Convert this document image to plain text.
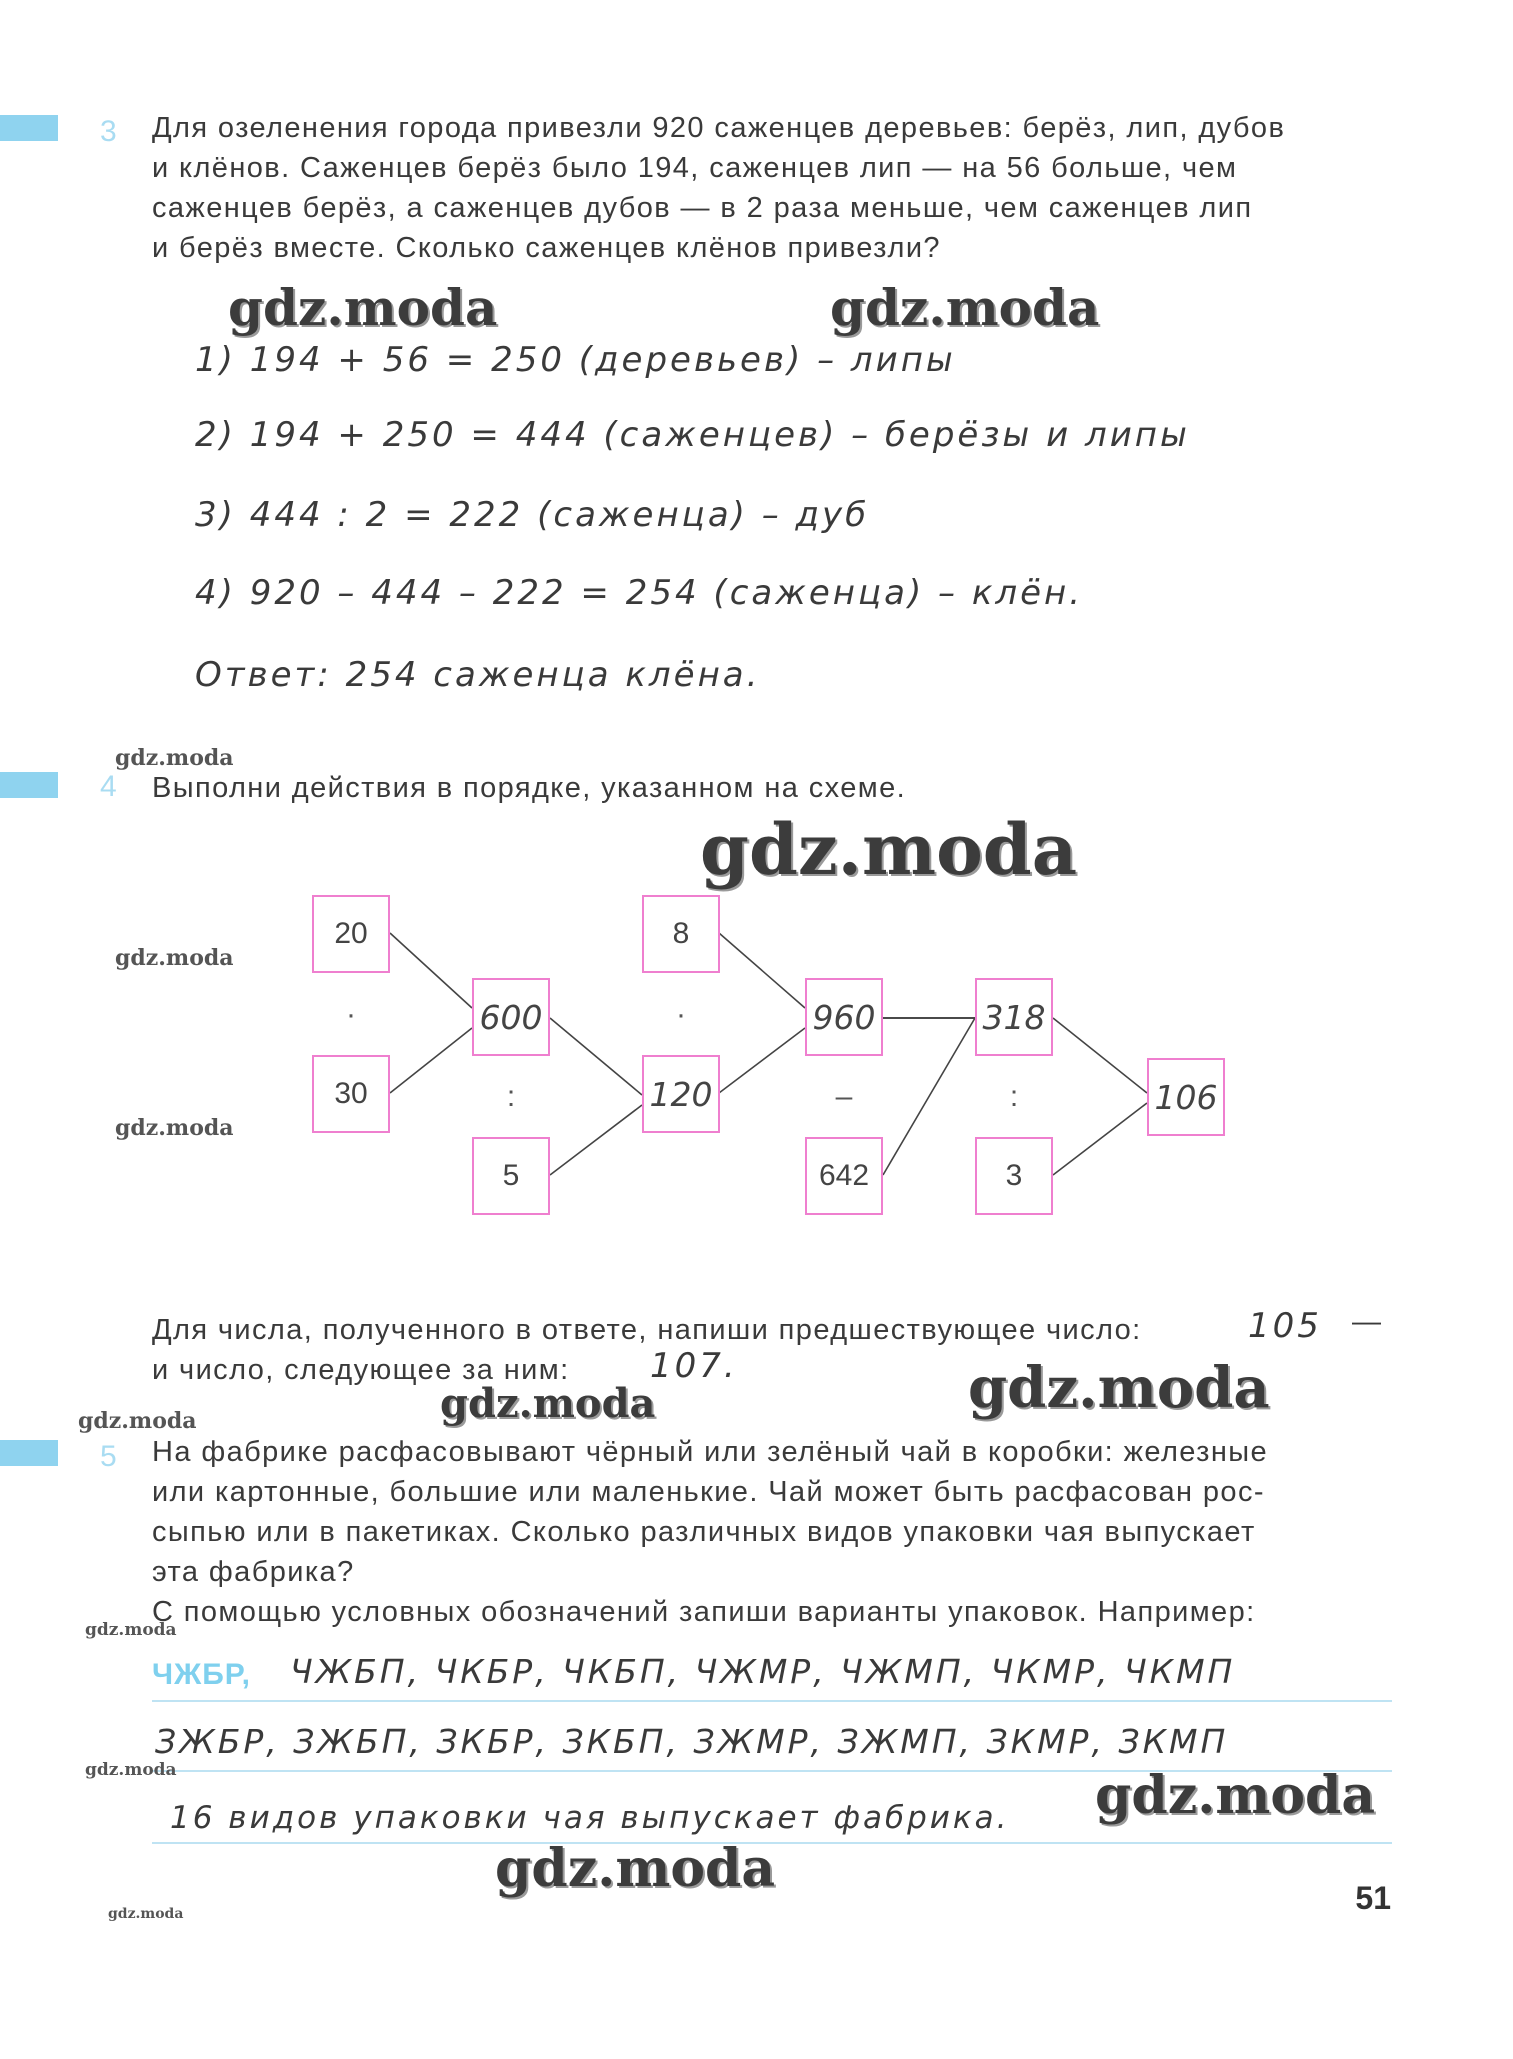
3 Для озеленения города привезли 920 саженцев деревьев: берёз, лип, дубов
и клёнов. Саженцев берёз было 194, саженцев лип — на 56 больше, чем
саженцев берёз, а саженцев дубов — в 2 раза меньше, чем саженцев лип
и берёз вместе. Сколько саженцев клёнов привезли?
gdz.moda	gdz.moda
1) 194 + 56 = 250 (деревьев) – липы
2) 194 + 250 = 444 (саженцев) – берёзы и липы
3) 444 : 2 = 222 (саженца) – дуб
4) 920 – 444 – 222 = 254 (саженца) – клён.
Ответ: 254 саженца клёна.
gdz.moda
4 Выполни действия в порядке, указанном на схеме.
gdz.moda
gdz.moda
gdz.moda
20
·
30
600
:
5
8
·
120
960
–
642
318
:
3
106
Для числа, полученного в ответе, напиши предшествующее число:	105 —
и число, следующее за ним:	107.
gdz.moda	gdz.moda
gdz.moda
5 На фабрике расфасовывают чёрный или зелёный чай в коробки: железные
или картонные, большие или маленькие. Чай может быть расфасован рос-
сыпью или в пакетиках. Сколько различных видов упаковки чая выпускает
эта фабрика?
С помощью условных обозначений запиши варианты упаковок. Например:
gdz.moda
ЧЖБР, ЧЖБП, ЧКБР, ЧКБП, ЧЖМР, ЧЖМП, ЧКМР, ЧКМП
ЗЖБР, ЗЖБП, ЗКБР, ЗКБП, ЗЖМР, ЗЖМП, ЗКМР, ЗКМП
gdz.moda
16 видов упаковки чая выпускает фабрика. gdz.moda
gdz.moda
gdz.moda	51
